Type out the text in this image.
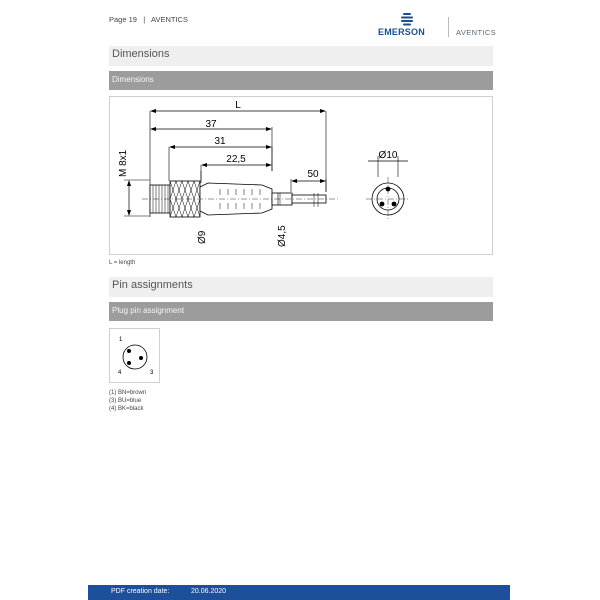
Page 19 | AVENTICS
EMERSON	AVENTICS
Dimensions
Dimensions
L
37
31
22,5
50
Ø10
M 8x1
Ø9	Ø4,5
L = length
Pin assignments
Plug pin assignment
1
3
4
(1) BN=brown
(3) BU=blue
(4) BK=black
PDF creation date:	20.06.2020
